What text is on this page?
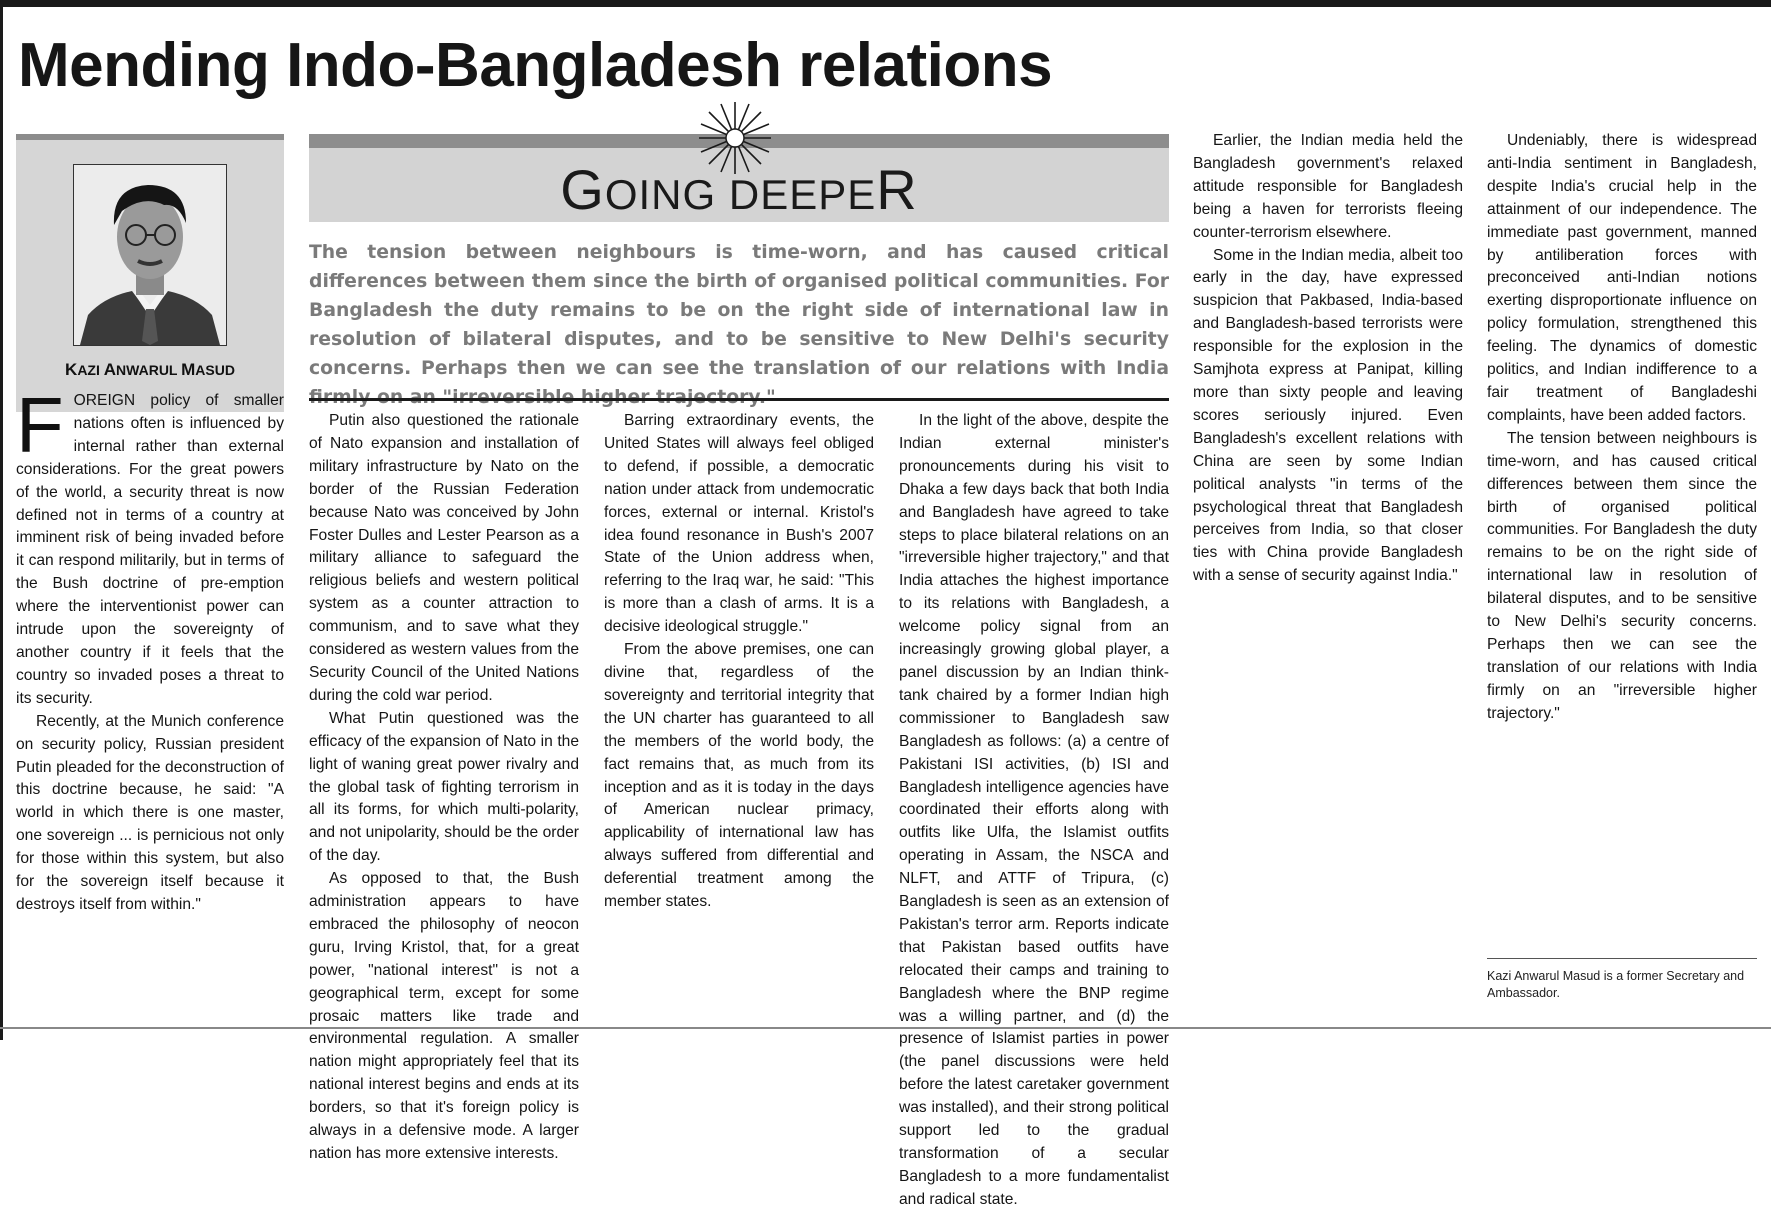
Mending Indo-Bangladesh relations

KAZI ANWARUL MASUD

GOING DEEPER

The tension between neighbours is time-worn, and has caused critical differences between them since the birth of organised political communities. For Bangladesh the duty remains to be on the right side of international law in resolution of bilateral disputes, and to be sensitive to New Delhi's security concerns. Perhaps then we can see the translation of our relations with India

FOREIGN policy of smaller nations often is influenced by internal rather than external considerations. For the great powers of the world, a security threat is now defined not in terms of a country at imminent risk of being invaded before it can respond militarily, but in terms of the Bush doctrine of pre-emption where the interventionist power can intrude upon the sovereignty of another country if it feels that the country so invaded poses a threat to its security.

Recently, at the Munich conference on security policy, Russian president Putin pleaded for the deconstruction of this doctrine because, he said: "A world in which there is one master, one sovereign ... is pernicious not only for those within this system, but also for the sovereign itself because it destroys itself from within."

Putin also questioned the rationale of Nato expansion and installation of military infrastructure by Nato on the border of the Russian Federation because Nato was conceived by John Foster Dulles and Lester Pearson as a military alliance to safeguard the religious beliefs and western political system as a counter attraction to communism, and to save what they considered as western values from the Security Council of the United Nations during the cold war period.

What Putin questioned was the efficacy of the expansion of Nato in the light of waning great power rivalry and the global task of fighting terrorism in all its forms, for which multi-polarity, and not unipolarity, should be the order of the day.

As opposed to that, the Bush administration appears to have embraced the philosophy of neocon guru, Irving Kristol, that, for a great power, "national interest" is not a geographical term, except for some prosaic matters like trade and environmental regulation. A smaller nation might appropriately feel that its national interest begins and ends at its borders, so that it's foreign policy is always in a defensive mode. A larger nation has more extensive interests.

Barring extraordinary events, the United States will always feel obliged to defend, if possible, a democratic nation under attack from undemocratic forces, external or internal. Kristol's idea found resonance in Bush's 2007 State of the Union address when, referring to the Iraq war, he said: "This is more than a clash of arms. It is a decisive ideological struggle."

From the above premises, one can divine that, regardless of the sovereignty and territorial integrity that the UN charter has guaranteed to all the members of the world body, the fact remains that, as much from its inception and as it is today in the days of American nuclear primacy, applicability of international law has always suffered from differential and deferential treatment among the member states.

In the light of the above, despite the Indian external minister's pronouncements during his visit to Dhaka a few days back that both India and Bangladesh have agreed to take steps to place bilateral relations on an "irreversible higher trajectory," and that India attaches the highest importance to its relations with Bangladesh, a welcome policy signal from an increasingly growing global player, a panel discussion by an Indian think-tank chaired by a former Indian high commissioner to Bangladesh saw Bangladesh as follows: (a) a centre of Pakistani ISI activities, (b) ISI and Bangladesh intelligence agencies have coordinated their efforts along with outfits like Ulfa, the Islamist outfits operating in Assam, the NSCA and NLFT, and ATTF of Tripura, (c) Bangladesh is seen as an extension of Pakistan's terror arm. Reports indicate that Pakistan based outfits have relocated their camps and training to Bangladesh where the BNP regime was a willing partner, and (d) the presence of Islamist parties in power (the panel discussions were held before the latest caretaker government was installed), and their strong political support led to the gradual transformation of a secular Bangladesh to a more fundamentalist and radical state.

Earlier, the Indian media held the Bangladesh government's relaxed attitude responsible for Bangladesh being a haven for terrorists fleeing counter-terrorism elsewhere.

Some in the Indian media, albeit too early in the day, have expressed suspicion that Pakbased, India-based and Bangladesh-based terrorists were responsible for the explosion in the Samjhota express at Panipat, killing more than sixty people and leaving scores seriously injured. Even Bangladesh's excellent relations with China are seen by some Indian political analysts "in terms of the psychological threat that Bangladesh perceives from India, so that closer ties with China provide Bangladesh with a sense of security against India."

Undeniably, there is widespread anti-India sentiment in Bangladesh, despite India's crucial help in the attainment of our independence. The immediate past government, manned by antiliberation forces with preconceived anti-Indian notions exerting disproportionate influence on policy formulation, strengthened this feeling. The dynamics of domestic politics, and Indian indifference to a fair treatment of Bangladeshi complaints, have been added factors.

The tension between neighbours is time-worn, and has caused critical differences between them since the birth of organised political communities. For Bangladesh the duty remains to be on the right side of international law in resolution of bilateral disputes, and to be sensitive to New Delhi's security concerns. Perhaps then we can see the translation of our relations with India firmly on an "irreversible higher trajectory."

Kazi Anwarul Masud is a former Secretary and Ambassador.
